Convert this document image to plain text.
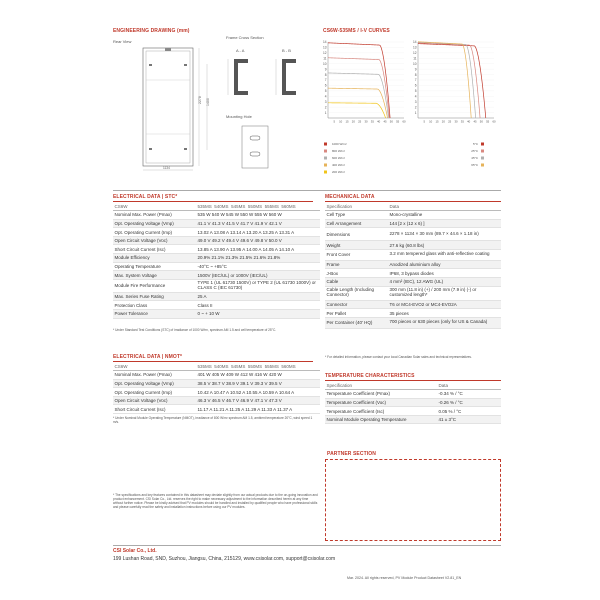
ENGINEERING DRAWING (mm)
Rear View
2278 1400
1134
Frame Cross Section
A - A	B - B
Mounting Hole
CS6W-535MS / I-V CURVES
14
13
12
11
10
9
8
7
6
5
4
3
2
1
5 10 15 20 25 30 35 40 45 50 55 60
14
13
12
11
10
9
8
7
6
5
4
3
2
1
5 10 15 20 25 30 35 40 45 50 55 60
1000 W/m²
800 W/m²
600 W/m²
400 W/m²
200 W/m²
5°C
25°C
45°C
65°C
ELECTRICAL DATA | STC*
CS6W	535MS 540MS 545MS 550MS 555MS 560MS
Nominal Max. Power (Pmax)	535 W 540 W 545 W 550 W 555 W 560 W
Opt. Operating Voltage (Vmp)	41.1 V 41.3 V 41.5 V 41.7 V 41.9 V 42.1 V
Opt. Operating Current (Imp)	13.02 A 13.08 A 13.14 A 13.20 A 13.25 A 13.31 A
Open Circuit Voltage (Voc)	49.0 V 49.2 V 49.4 V 49.6 V 49.8 V 50.0 V
Short Circuit Current (Isc)	13.85 A 13.90 A 13.95 A 14.00 A 14.05 A 14.10 A
Module Efficiency	20.9% 21.1% 21.3% 21.5% 21.6% 21.8%
Operating Temperature	-40°C ~ +85°C
Max. System Voltage	1500V (IEC/UL) or 1000V (IEC/UL)
Module Fire Performance	TYPE 1 (UL 61730 1500V) or TYPE 2 (UL 61730 1000V) or CLASS C (IEC 61730)
Max. Series Fuse Rating	25 A
Protection Class	Class II
Power Tolerance	0 ~ + 10 W
* Under Standard Test Conditions (STC) of irradiance of 1000 W/m², spectrum AM 1.5 and cell temperature of 25°C.
ELECTRICAL DATA | NMOT*
CS6W	535MS 540MS 545MS 550MS 555MS 560MS
Nominal Max. Power (Pmax)	401 W 405 W 409 W 412 W 416 W 420 W
Opt. Operating Voltage (Vmp)	38.5 V 38.7 V 38.9 V 39.1 V 39.3 V 39.5 V
Opt. Operating Current (Imp)	10.42 A 10.47 A 10.52 A 10.55 A 10.59 A 10.64 A
Open Circuit Voltage (Voc)	46.3 V 46.5 V 46.7 V 46.9 V 47.1 V 47.3 V
Short Circuit Current (Isc)	11.17 A 11.21 A 11.25 A 11.29 A 11.33 A 11.37 A
* Under Nominal Module Operating Temperature (NMOT), irradiance of 800 W/m² spectrum AM 1.5, ambient temperature 20°C, wind speed 1 m/s.
MECHANICAL DATA
Specification	Data
Cell Type	Mono-crystalline
Cell Arrangement	144 [2 x (12 x 6) ]
Dimensions	2278 × 1134 × 30 mm (89.7 × 44.6 × 1.18 in)
Weight	27.6 kg (60.8 lbs)
Front Cover	3.2 mm tempered glass with anti-reflective coating
Frame	Anodized aluminium alloy
J-Box	IP68, 3 bypass diodes
Cable	4 mm² (IEC), 12 AWG (UL)
Cable Length (Including Connector)	300 mm (11.8 in) (+) / 200 mm (7.9 in) (-) or customized length*
Connector	T6 or MC4-EVO2 or MC4-EVO2A
Per Pallet	35 pieces
Per Container (40' HQ)	700 pieces or 630 pieces (only for US & Canada)
* For detailed information, please contact your local Canadian Solar sales and technical representatives.
TEMPERATURE CHARACTERISTICS
Specification	Data
Temperature Coefficient (Pmax)	-0.34 % / °C
Temperature Coefficient (Voc)	-0.26 % / °C
Temperature Coefficient (Isc)	0.05 % / °C
Nominal Module Operating Temperature	41 ± 3°C
PARTNER SECTION
* The specifications and key features contained in this datasheet may deviate slightly from our actual products due to the on-going innovation and product enhancement. CSI Solar Co., Ltd. reserves the right to make necessary adjustment to the information described herein at any time without further notice. Please be kindly advised that PV modules should be handled and installed by qualified people who have professional skills and please carefully read the safety and installation instructions before using our PV modules.
CSI Solar Co., Ltd.
199 Lushan Road, SND, Suzhou, Jiangsu, China, 215129, www.csisolar.com, support@csisolar.com
Mar. 2024. All rights reserved, PV Module Product Datasheet V2.81_EN
